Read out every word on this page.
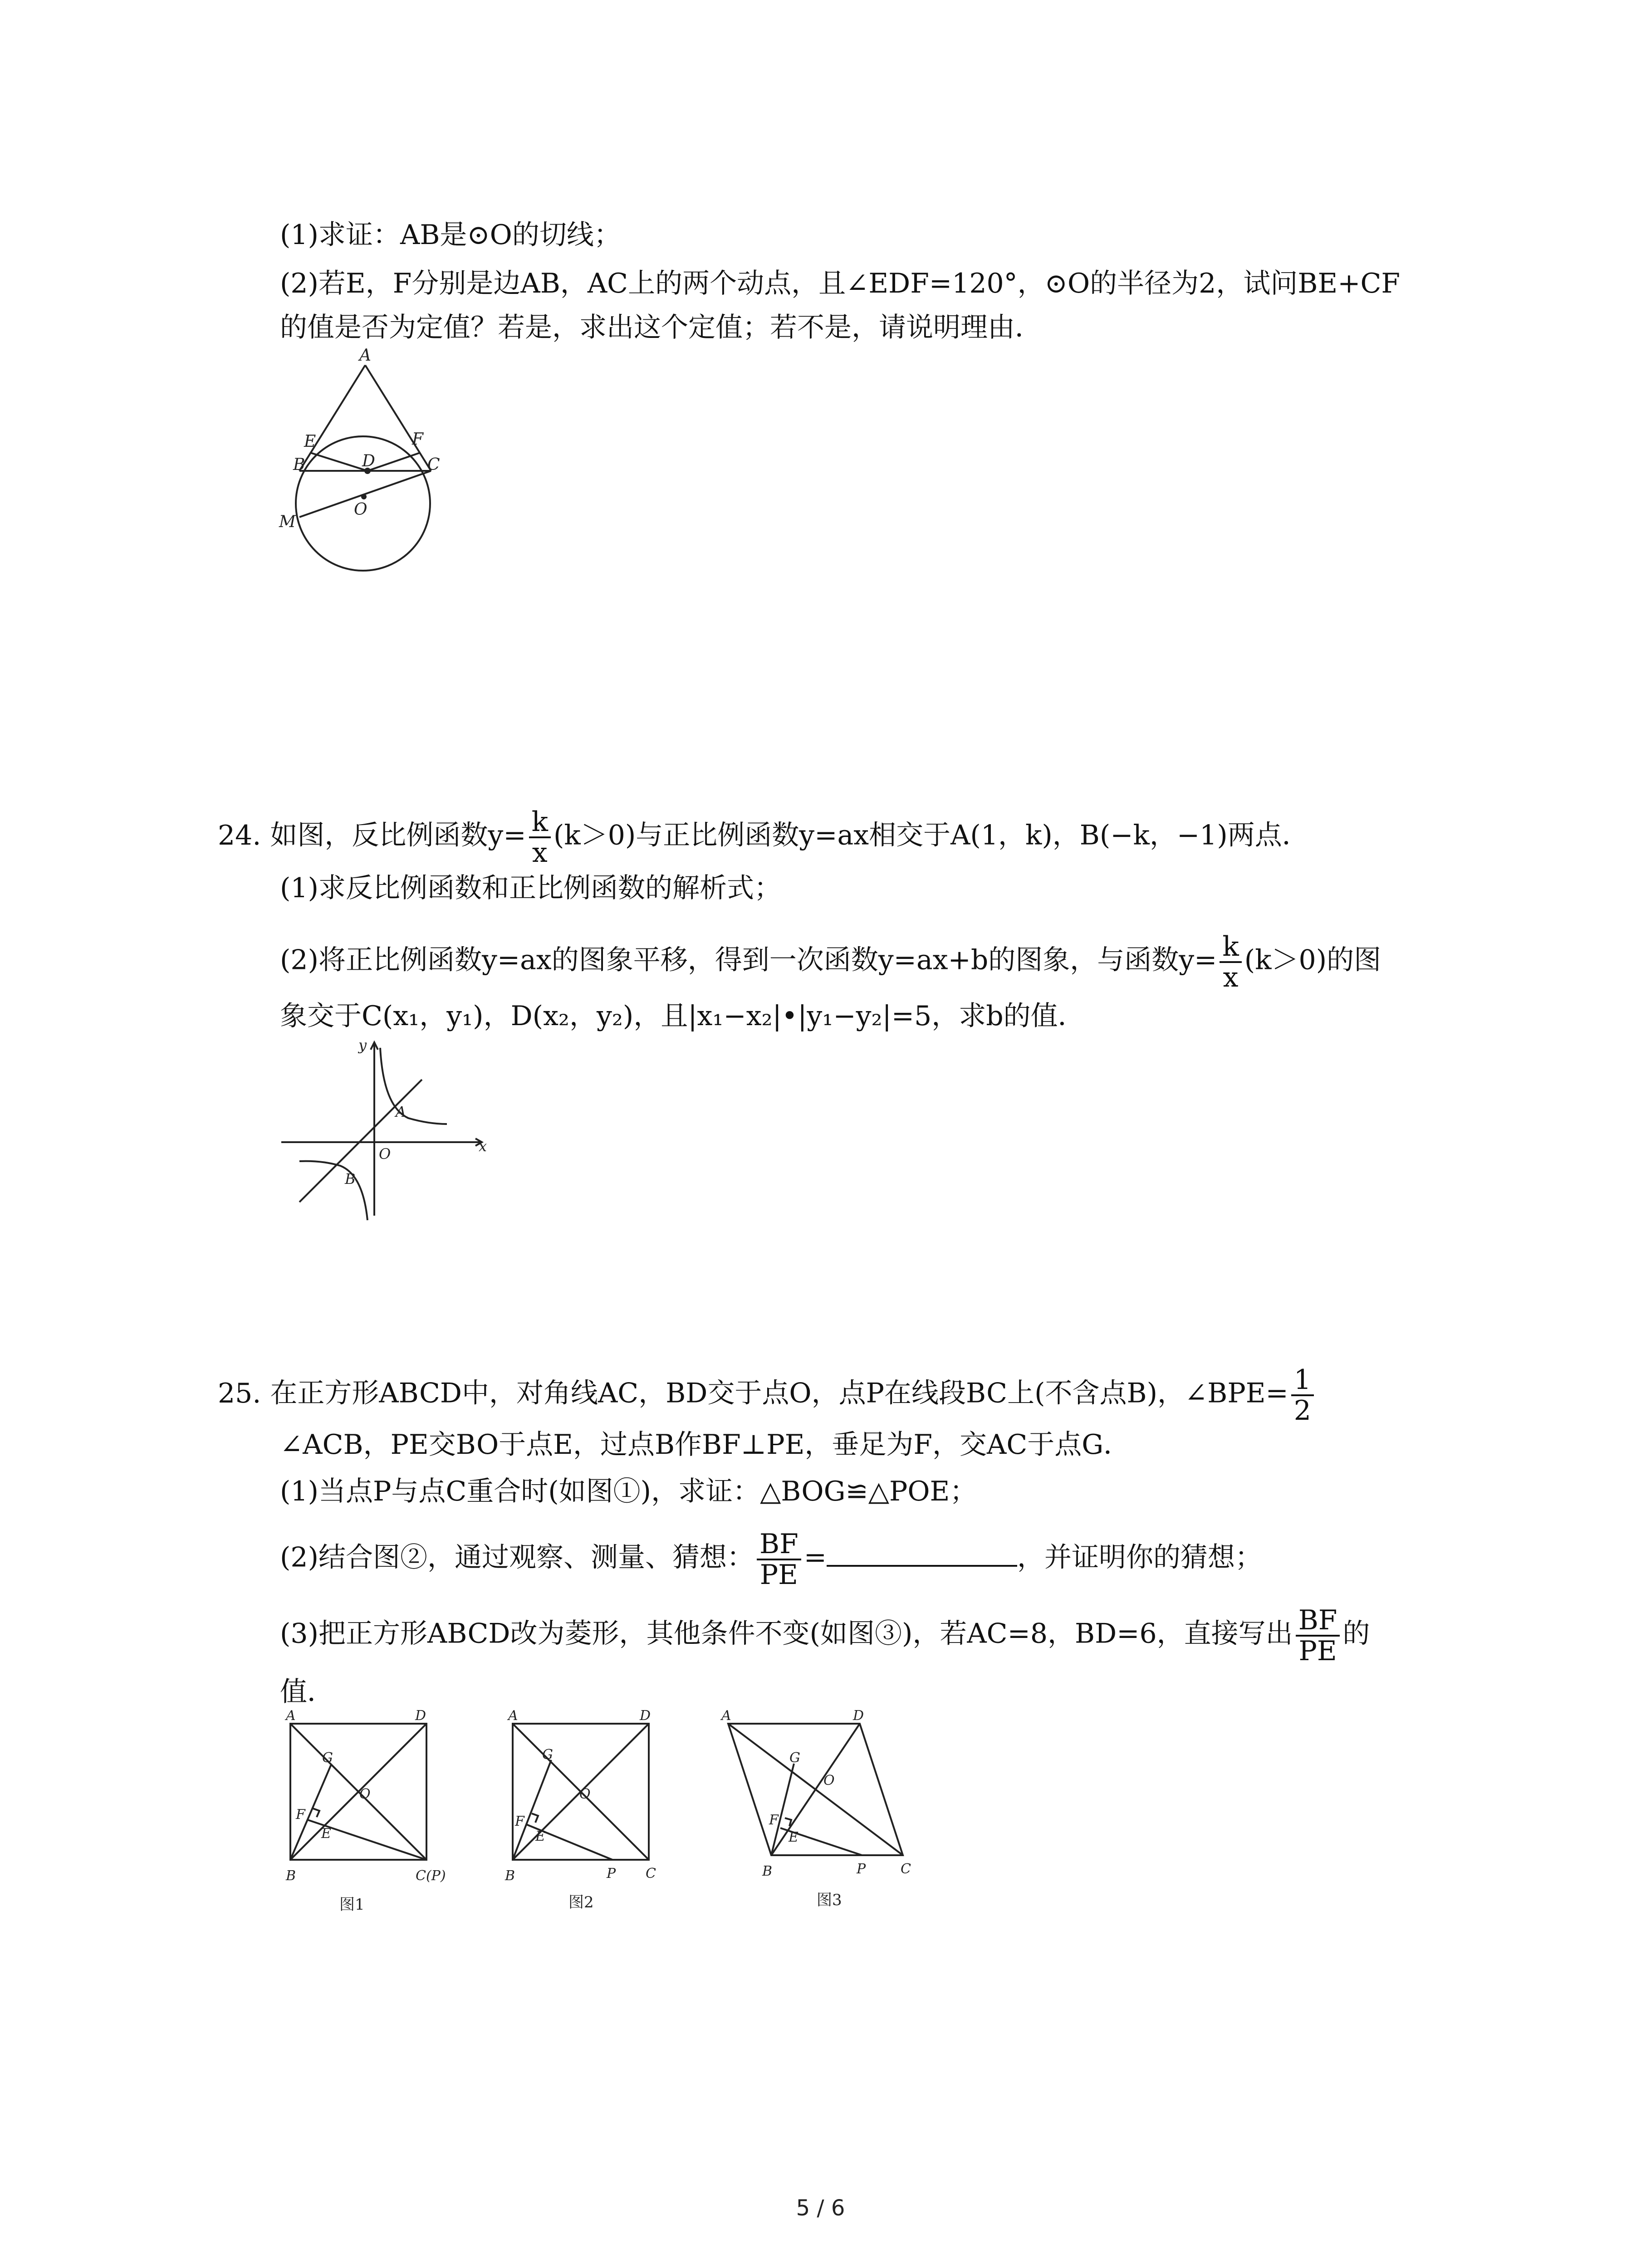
(1)求证：AB是⊙O的切线；
(2)若E，F分别是边AB，AC上的两个动点，且∠EDF=120°，⊙O的半径为2，试问BE+CF
的值是否为定值？若是，求出这个定值；若不是，请说明理由．
A
E	F
B	D	C
M
O
24. 如图，反比例函数$y= \frac{k}{x} (k>0)$与正比例函数y=ax相交于A(1，k)，B(−k，−1)两点．
(1)求反比例函数和正比例函数的解析式；
(2)将正比例函数y=ax的图象平移，得到一次函数y=ax+b的图象，与函数$y= \frac{k}{x} (k>0)$的图
象交于C(x₁，y₁)，D(x₂，y₂)，且|x₁−x₂|•|y₁−y₂|=5，求b的值．
y
x
A
O
B
25. 在正方形ABCD中，对角线AC，BD交于点O，点P在线段BC上(不含点B)，∠BPE= $\frac{1}{2}$
∠ACB，PE交BO于点E，过点B作BF⊥PE，垂足为F，交AC于点G．
(1)当点P与点C重合时(如图①)，求证：△BOG≌△POE；
(2)结合图②，通过观察、测量、猜想： $\frac{BF}{PE}$ =	，并证明你的猜想；
(3)把正方形ABCD改为菱形，其他条件不变(如图③)，若AC=8，BD=6，直接写出 $\frac{BF}{PE}$ 的
值．
A	D
G
O
F
E
B	C(P)
图1
A	D
G
O
F
E
B	P C
图2
A	D
G
O
F
E
B	P	C
图3
5 / 6
